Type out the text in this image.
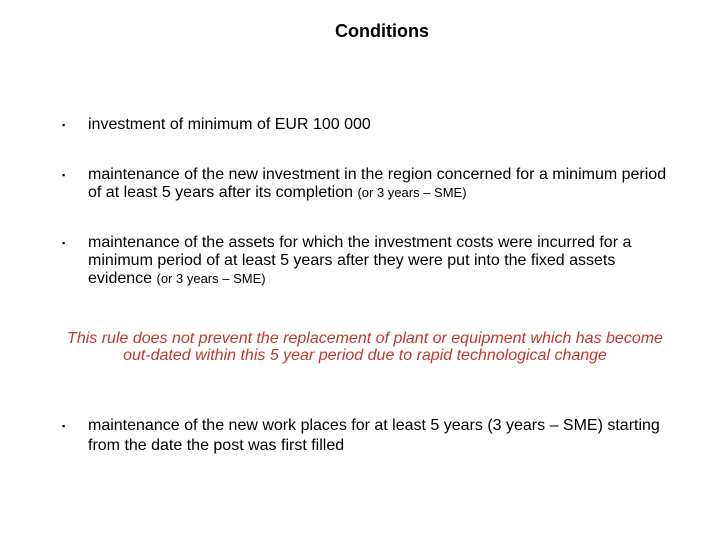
Conditions
▪ investment of minimum of EUR 100 000
▪ maintenance of the new investment in the region concerned for a minimum period of at least 5 years after its completion (or 3 years – SME)
▪ maintenance of the assets for which the investment costs were incurred for a minimum period of at least 5 years after they were put into the fixed assets evidence (or 3 years – SME)
This rule does not prevent the replacement of plant or equipment which has become out-dated within this 5 year period due to rapid technological change
▪ maintenance of the new work places for at least 5 years (3 years – SME) starting from the date the post was first filled
